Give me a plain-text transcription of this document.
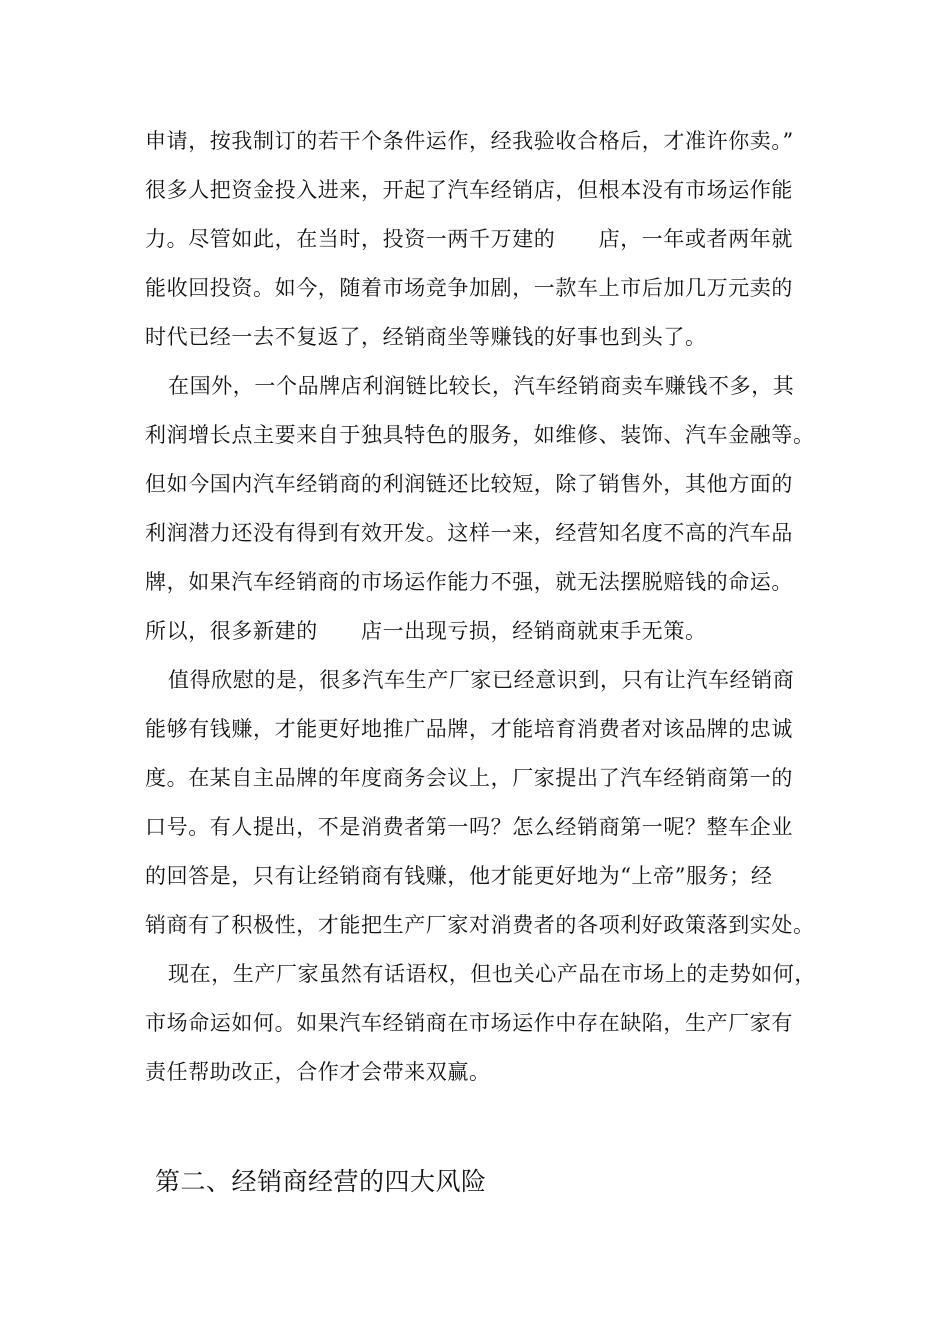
申请，按我制订的若干个条件运作，经我验收合格后，才准许你卖。”
很多人把资金投入进来，开起了汽车经销店，但根本没有市场运作能
力。尽管如此，在当时，投资一两千万建的　　店，一年或者两年就
能收回投资。如今，随着市场竞争加剧，一款车上市后加几万元卖的
时代已经一去不复返了，经销商坐等赚钱的好事也到头了。
在国外，一个品牌店利润链比较长，汽车经销商卖车赚钱不多，其
利润增长点主要来自于独具特色的服务，如维修、装饰、汽车金融等。
但如今国内汽车经销商的利润链还比较短，除了销售外，其他方面的
利润潜力还没有得到有效开发。这样一来，经营知名度不高的汽车品
牌，如果汽车经销商的市场运作能力不强，就无法摆脱赔钱的命运。
所以，很多新建的　　店一出现亏损，经销商就束手无策。
值得欣慰的是，很多汽车生产厂家已经意识到，只有让汽车经销商
能够有钱赚，才能更好地推广品牌，才能培育消费者对该品牌的忠诚
度。在某自主品牌的年度商务会议上，厂家提出了汽车经销商第一的
口号。有人提出，不是消费者第一吗？怎么经销商第一呢？整车企业
的回答是，只有让经销商有钱赚，他才能更好地为“上帝”服务；经
销商有了积极性，才能把生产厂家对消费者的各项利好政策落到实处。
现在，生产厂家虽然有话语权，但也关心产品在市场上的走势如何，
市场命运如何。如果汽车经销商在市场运作中存在缺陷，生产厂家有
责任帮助改正，合作才会带来双赢。
第二、经销商经营的四大风险
